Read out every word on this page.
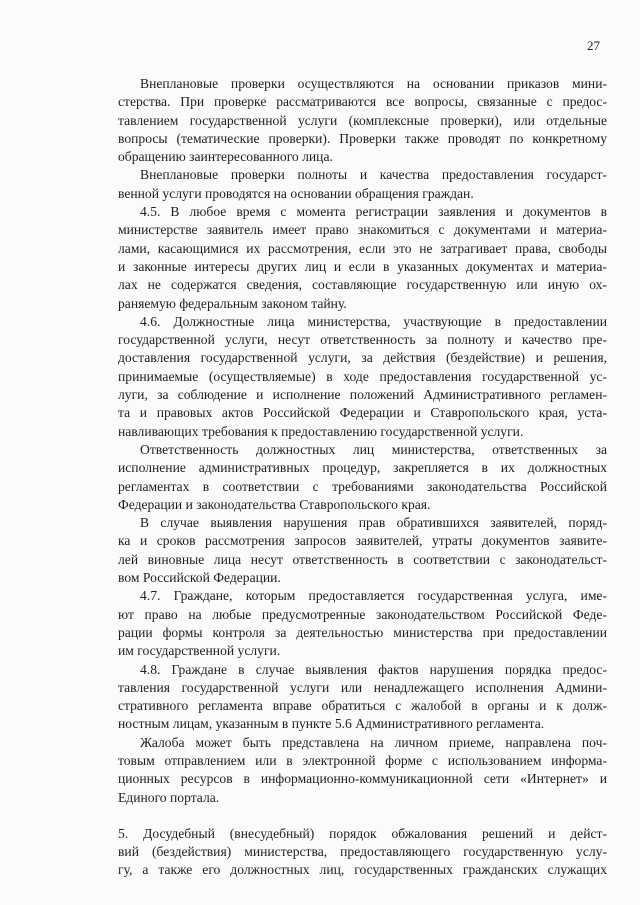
27
Внеплановые проверки осуществляются на основании приказов мини-
стерства. При проверке рассматриваются все вопросы, связанные с предос-
тавлением государственной услуги (комплексные проверки), или отдельные
вопросы (тематические проверки). Проверки также проводят по конкретному
обращению заинтересованного лица.
Внеплановые проверки полноты и качества предоставления государст-
венной услуги проводятся на основании обращения граждан.
4.5. В любое время с момента регистрации заявления и документов в
министерстве заявитель имеет право знакомиться с документами и материа-
лами, касающимися их рассмотрения, если это не затрагивает права, свободы
и законные интересы других лиц и если в указанных документах и материа-
лах не содержатся сведения, составляющие государственную или иную ох-
раняемую федеральным законом тайну.
4.6. Должностные лица министерства, участвующие в предоставлении
государственной услуги, несут ответственность за полноту и качество пре-
доставления государственной услуги, за действия (бездействие) и решения,
принимаемые (осуществляемые) в ходе предоставления государственной ус-
луги, за соблюдение и исполнение положений Административного регламен-
та и правовых актов Российской Федерации и Ставропольского края, уста-
навливающих требования к предоставлению государственной услуги.
Ответственность должностных лиц министерства, ответственных за
исполнение административных процедур, закрепляется в их должностных
регламентах в соответствии с требованиями законодательства Российской
Федерации и законодательства Ставропольского края.
В случае выявления нарушения прав обратившихся заявителей, поряд-
ка и сроков рассмотрения запросов заявителей, утраты документов заявите-
лей виновные лица несут ответственность в соответствии с законодательст-
вом Российской Федерации.
4.7. Граждане, которым предоставляется государственная услуга, име-
ют право на любые предусмотренные законодательством Российской Феде-
рации формы контроля за деятельностью министерства при предоставлении
им государственной услуги.
4.8. Граждане в случае выявления фактов нарушения порядка предос-
тавления государственной услуги или ненадлежащего исполнения Админи-
стративного регламента вправе обратиться с жалобой в органы и к долж-
ностным лицам, указанным в пункте 5.6 Административного регламента.
Жалоба может быть представлена на личном приеме, направлена поч-
товым отправлением или в электронной форме с использованием информа-
ционных ресурсов в информационно-коммуникационной сети «Интернет» и
Единого портала.
5. Досудебный (внесудебный) порядок обжалования решений и дейст-
вий (бездействия) министерства, предоставляющего государственную услу-
гу, а также его должностных лиц, государственных гражданских служащих
